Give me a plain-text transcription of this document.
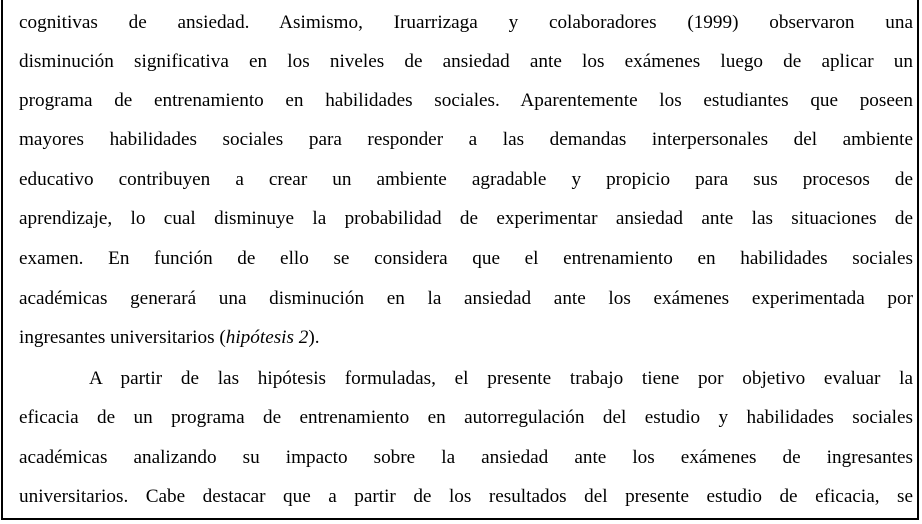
cognitivas de ansiedad. Asimismo, Iruarrizaga y colaboradores (1999) observaron una
disminución significativa en los niveles de ansiedad ante los exámenes luego de aplicar un
programa de entrenamiento en habilidades sociales. Aparentemente los estudiantes que poseen
mayores habilidades sociales para responder a las demandas interpersonales del ambiente
educativo contribuyen a crear un ambiente agradable y propicio para sus procesos de
aprendizaje, lo cual disminuye la probabilidad de experimentar ansiedad ante las situaciones de
examen. En función de ello se considera que el entrenamiento en habilidades sociales
académicas generará una disminución en la ansiedad ante los exámenes experimentada por
ingresantes universitarios (hipótesis 2).
A partir de las hipótesis formuladas, el presente trabajo tiene por objetivo evaluar la
eficacia de un programa de entrenamiento en autorregulación del estudio y habilidades sociales
académicas analizando su impacto sobre la ansiedad ante los exámenes de ingresantes
universitarios. Cabe destacar que a partir de los resultados del presente estudio de eficacia, se
